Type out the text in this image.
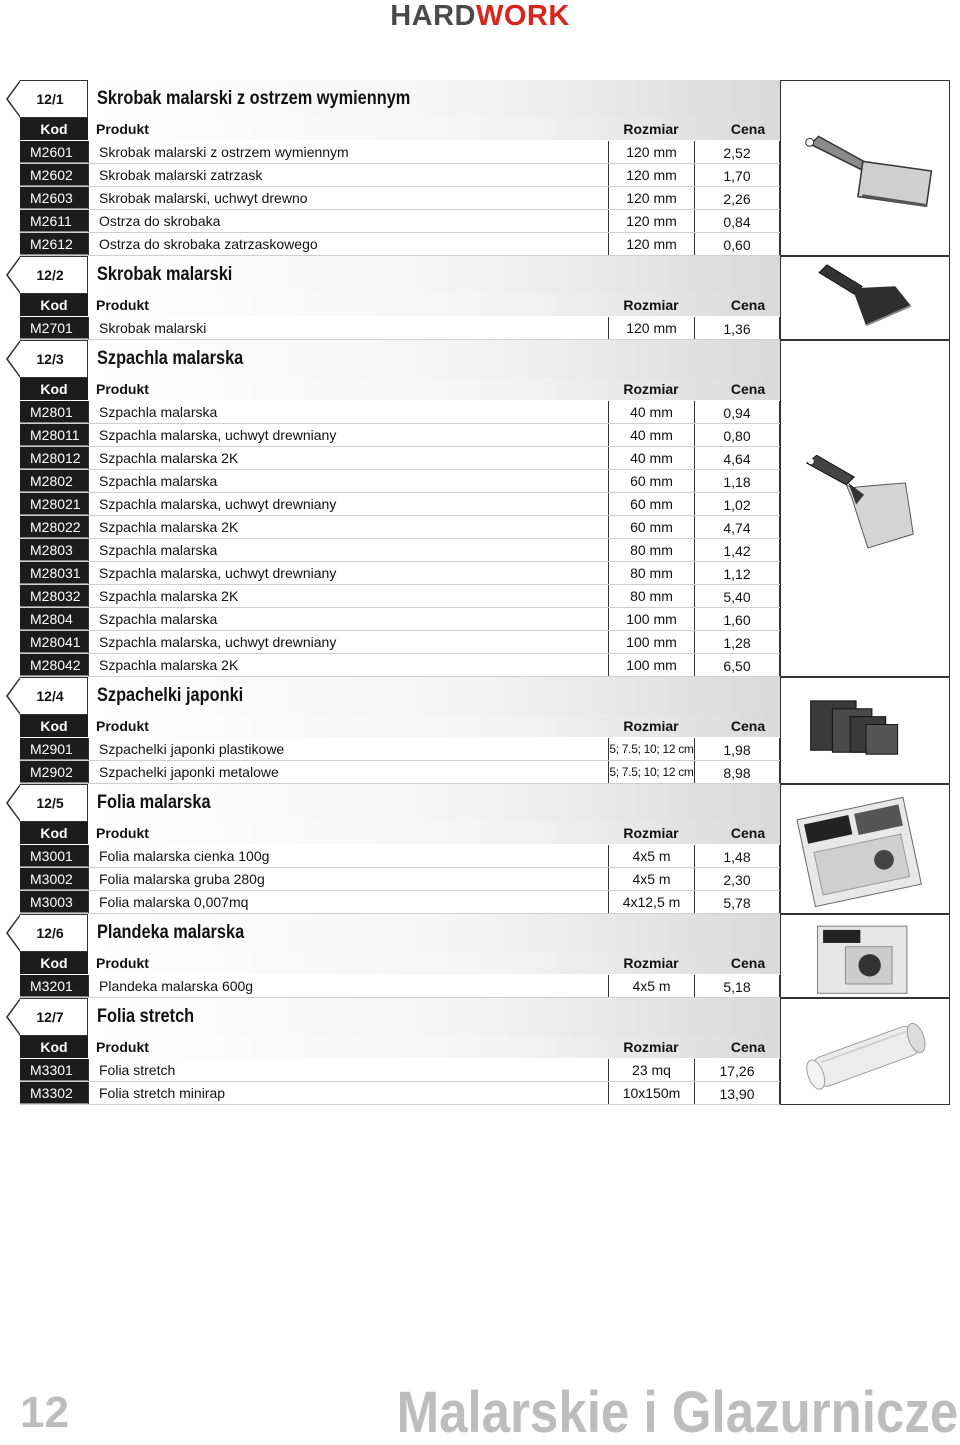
HARDWORK
12/1	Skrobak malarski z ostrzem wymiennym
Kod	Produkt	Rozmiar	Cena
M2601	Skrobak malarski z ostrzem wymiennym	120 mm	2,52
M2602	Skrobak malarski zatrzask	120 mm	1,70
M2603	Skrobak malarski, uchwyt drewno	120 mm	2,26
M2611	Ostrza do skrobaka	120 mm	0,84
M2612	Ostrza do skrobaka zatrzaskowego	120 mm	0,60
12/2	Skrobak malarski
Kod	Produkt	Rozmiar	Cena
M2701	Skrobak malarski	120 mm	1,36
12/3	Szpachla malarska
Kod	Produkt	Rozmiar	Cena
M2801	Szpachla malarska	40 mm	0,94
M28011	Szpachla malarska, uchwyt drewniany	40 mm	0,80
M28012	Szpachla malarska 2K	40 mm	4,64
M2802	Szpachla malarska	60 mm	1,18
M28021	Szpachla malarska, uchwyt drewniany	60 mm	1,02
M28022	Szpachla malarska 2K	60 mm	4,74
M2803	Szpachla malarska	80 mm	1,42
M28031	Szpachla malarska, uchwyt drewniany	80 mm	1,12
M28032	Szpachla malarska 2K	80 mm	5,40
M2804	Szpachla malarska	100 mm	1,60
M28041	Szpachla malarska, uchwyt drewniany	100 mm	1,28
M28042	Szpachla malarska 2K	100 mm	6,50
12/4	Szpachelki japonki
Kod	Produkt	Rozmiar	Cena
M2901	Szpachelki japonki plastikowe	5; 7.5; 10; 12 cm	1,98
M2902	Szpachelki japonki metalowe	5; 7.5; 10; 12 cm	8,98
12/5	Folia malarska
Kod	Produkt	Rozmiar	Cena
M3001	Folia malarska cienka 100g	4x5 m	1,48
M3002	Folia malarska gruba 280g	4x5 m	2,30
M3003	Folia malarska 0,007mq	4x12,5 m	5,78
12/6	Plandeka malarska
Kod	Produkt	Rozmiar	Cena
M3201	Plandeka malarska 600g	4x5 m	5,18
12/7	Folia stretch
Kod	Produkt	Rozmiar	Cena
M3301	Folia stretch	23 mq	17,26
M3302	Folia stretch minirap	10x150m	13,90
12	Malarskie i Glazurnicze
